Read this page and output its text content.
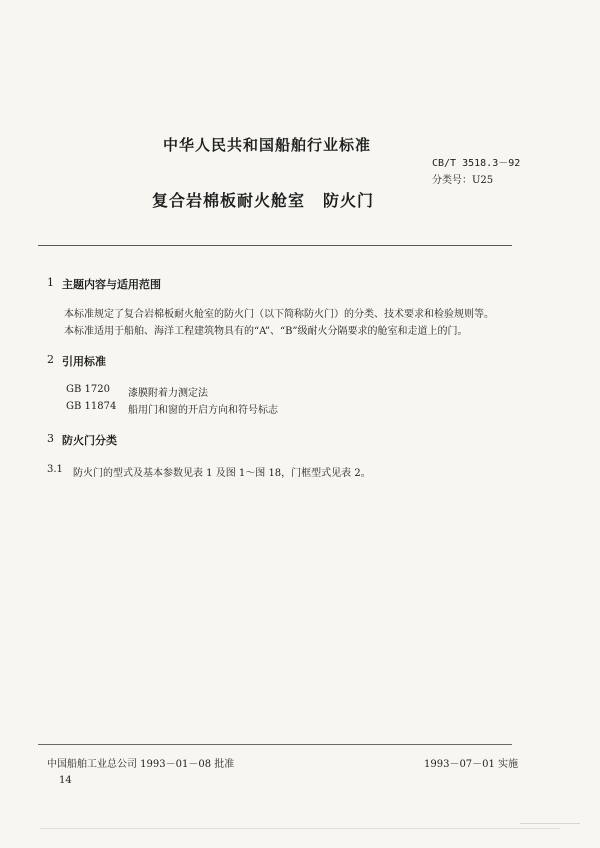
中华人民共和国船舶行业标准
CB/T 3518.3－92
分类号：U25
复合岩棉板耐火舱室 防火门
1 主题内容与适用范围
本标准规定了复合岩棉板耐火舱室的防火门（以下简称防火门）的分类、技术要求和检验规则等。
本标准适用于船舶、海洋工程建筑物具有的“A”、“B”级耐火分隔要求的舱室和走道上的门。
2 引用标准
GB 1720 漆膜附着力测定法
GB 11874 船用门和窗的开启方向和符号标志
3 防火门分类
3.1 防火门的型式及基本参数见表 1 及图 1～图 18，门框型式见表 2。
中国船舶工业总公司 1993－01－08 批准	1993－07－01 实施
14
